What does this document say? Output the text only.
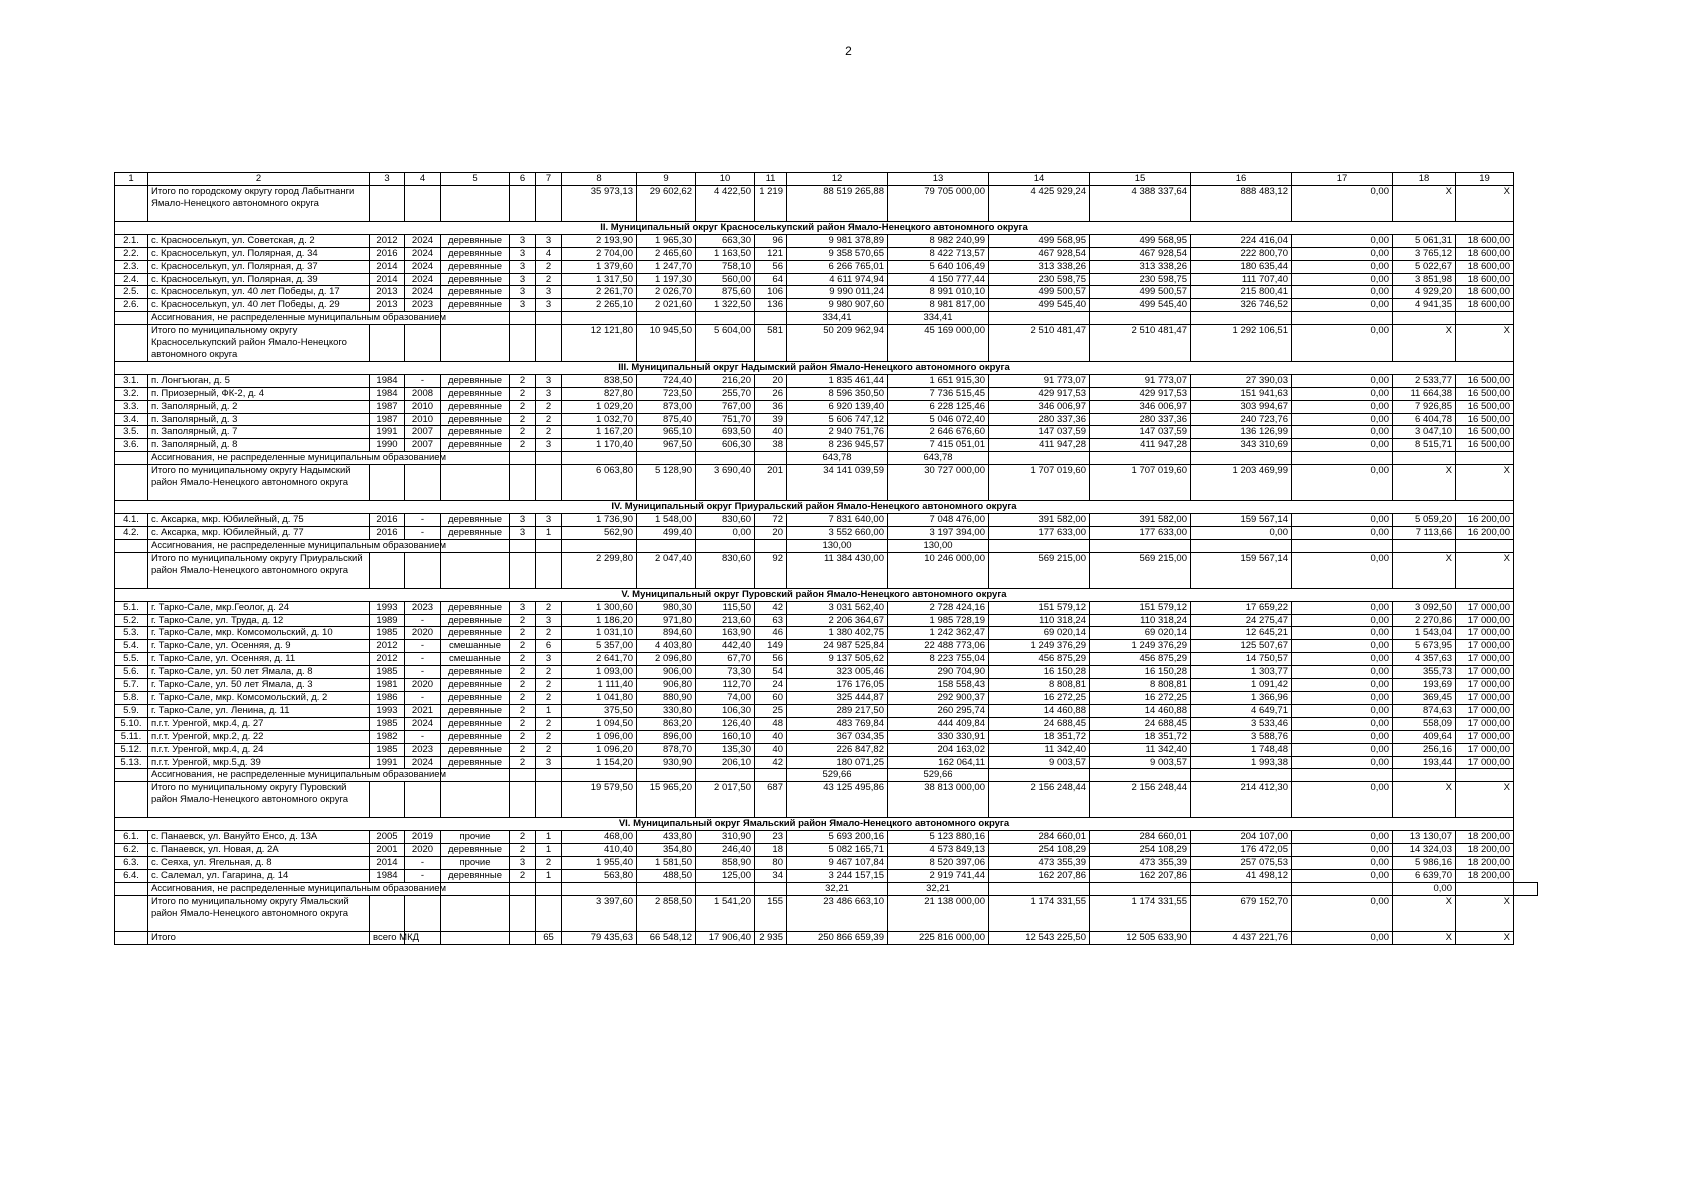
2
1	2	3	4	5	6	7	8	9	10	11	12	13	14	15	16	17	18	19	
	Итого по городскому округу город Лабытнанги Ямало-Ненецкого автономного округа						35 973,13	29 602,62	4 422,50	1 219	88 519 265,88	79 705 000,00	4 425 929,24	4 388 337,64	888 483,12	0,00	X	X	
II. Муниципальный округ Красноселькупский район Ямало-Ненецкого автономного округа																			
2.1.	с. Красноселькуп, ул. Советская, д. 2	2012	2024	деревянные	3	3	2 193,90	1 965,30	663,30	96	9 981 378,89	8 982 240,99	499 568,95	499 568,95	224 416,04	0,00	5 061,31	18 600,00	
2.2.	с. Красноселькуп, ул. Полярная, д. 34	2016	2024	деревянные	3	4	2 704,00	2 465,60	1 163,50	121	9 358 570,65	8 422 713,57	467 928,54	467 928,54	222 800,70	0,00	3 765,12	18 600,00	
2.3.	с. Красноселькуп, ул. Полярная, д. 37	2014	2024	деревянные	3	2	1 379,60	1 247,70	758,10	56	6 266 765,01	5 640 106,49	313 338,26	313 338,26	180 635,44	0,00	5 022,67	18 600,00	
2.4.	с. Красноселькуп, ул. Полярная, д. 39	2014	2024	деревянные	3	2	1 317,50	1 197,30	560,00	64	4 611 974,94	4 150 777,44	230 598,75	230 598,75	111 707,40	0,00	3 851,98	18 600,00	
2.5.	с. Красноселькуп, ул. 40 лет Победы, д. 17	2013	2024	деревянные	3	3	2 261,70	2 026,70	875,60	106	9 990 011,24	8 991 010,10	499 500,57	499 500,57	215 800,41	0,00	4 929,20	18 600,00	
2.6.	с. Красноселькуп, ул. 40 лет Победы, д. 29	2013	2023	деревянные	3	3	2 265,10	2 021,60	1 322,50	136	9 980 907,60	8 981 817,00	499 545,40	499 545,40	326 746,52	0,00	4 941,35	18 600,00	
	Ассигнования, не распределенные муниципальным образованием										334,41	334,41							
	Итого по муниципальному округу Красноселькупский район Ямало-Ненецкого автономного округа						12 121,80	10 945,50	5 604,00	581	50 209 962,94	45 169 000,00	2 510 481,47	2 510 481,47	1 292 106,51	0,00	X	X	
III. Муниципальный округ Надымский район Ямало-Ненецкого автономного округа																			
3.1.	п. Лонгъюган, д. 5	1984	-	деревянные	2	3	838,50	724,40	216,20	20	1 835 461,44	1 651 915,30	91 773,07	91 773,07	27 390,03	0,00	2 533,77	16 500,00	
3.2.	п. Приозерный, ФК-2, д. 4	1984	2008	деревянные	2	3	827,80	723,50	255,70	26	8 596 350,50	7 736 515,45	429 917,53	429 917,53	151 941,63	0,00	11 664,38	16 500,00	
3.3.	п. Заполярный, д. 2	1987	2010	деревянные	2	2	1 029,20	873,00	767,00	36	6 920 139,40	6 228 125,46	346 006,97	346 006,97	303 994,67	0,00	7 926,85	16 500,00	
3.4.	п. Заполярный, д. 3	1987	2010	деревянные	2	2	1 032,70	875,40	751,70	39	5 606 747,12	5 046 072,40	280 337,36	280 337,36	240 723,76	0,00	6 404,78	16 500,00	
3.5.	п. Заполярный, д. 7	1991	2007	деревянные	2	2	1 167,20	965,10	693,50	40	2 940 751,76	2 646 676,60	147 037,59	147 037,59	136 126,99	0,00	3 047,10	16 500,00	
3.6.	п. Заполярный, д. 8	1990	2007	деревянные	2	3	1 170,40	967,50	606,30	38	8 236 945,57	7 415 051,01	411 947,28	411 947,28	343 310,69	0,00	8 515,71	16 500,00	
	Ассигнования, не распределенные муниципальным образованием										643,78	643,78							
	Итого по муниципальному округу Надымский район Ямало-Ненецкого автономного округа						6 063,80	5 128,90	3 690,40	201	34 141 039,59	30 727 000,00	1 707 019,60	1 707 019,60	1 203 469,99	0,00	X	X	
IV. Муниципальный округ Приуральский район Ямало-Ненецкого автономного округа																			
4.1.	с. Аксарка, мкр. Юбилейный, д. 75	2016	-	деревянные	3	3	1 736,90	1 548,00	830,60	72	7 831 640,00	7 048 476,00	391 582,00	391 582,00	159 567,14	0,00	5 059,20	16 200,00	
4.2.	с. Аксарка, мкр. Юбилейный, д. 77	2016	-	деревянные	3	1	562,90	499,40	0,00	20	3 552 660,00	3 197 394,00	177 633,00	177 633,00	0,00	0,00	7 113,66	16 200,00	
	Ассигнования, не распределенные муниципальным образованием										130,00	130,00							
	Итого по муниципальному округу Приуральский район Ямало-Ненецкого автономного округа						2 299,80	2 047,40	830,60	92	11 384 430,00	10 246 000,00	569 215,00	569 215,00	159 567,14	0,00	X	X	
V. Муниципальный округ Пуровский район Ямало-Ненецкого автономного округа																			
5.1.	г. Тарко-Сале, мкр.Геолог, д. 24	1993	2023	деревянные	3	2	1 300,60	980,30	115,50	42	3 031 562,40	2 728 424,16	151 579,12	151 579,12	17 659,22	0,00	3 092,50	17 000,00	
5.2.	г. Тарко-Сале, ул. Труда, д. 12	1989	-	деревянные	2	3	1 186,20	971,80	213,60	63	2 206 364,67	1 985 728,19	110 318,24	110 318,24	24 275,47	0,00	2 270,86	17 000,00	
5.3.	г. Тарко-Сале, мкр. Комсомольский, д. 10	1985	2020	деревянные	2	2	1 031,10	894,60	163,90	46	1 380 402,75	1 242 362,47	69 020,14	69 020,14	12 645,21	0,00	1 543,04	17 000,00	
5.4.	г. Тарко-Сале, ул. Осенняя, д. 9	2012	-	смешанные	2	6	5 357,00	4 403,80	442,40	149	24 987 525,84	22 488 773,06	1 249 376,29	1 249 376,29	125 507,67	0,00	5 673,95	17 000,00	
5.5.	г. Тарко-Сале, ул. Осенняя, д. 11	2012	-	смешанные	2	3	2 641,70	2 096,80	67,70	56	9 137 505,62	8 223 755,04	456 875,29	456 875,29	14 750,57	0,00	4 357,63	17 000,00	
5.6.	г. Тарко-Сале, ул. 50 лет Ямала, д. 8	1985	-	деревянные	2	2	1 093,00	906,00	73,30	54	323 005,46	290 704,90	16 150,28	16 150,28	1 303,77	0,00	355,73	17 000,00	
5.7.	г. Тарко-Сале, ул. 50 лет Ямала, д. 3	1981	2020	деревянные	2	2	1 111,40	906,80	112,70	24	176 176,05	158 558,43	8 808,81	8 808,81	1 091,42	0,00	193,69	17 000,00	
5.8.	г. Тарко-Сале, мкр. Комсомольский, д. 2	1986	-	деревянные	2	2	1 041,80	880,90	74,00	60	325 444,87	292 900,37	16 272,25	16 272,25	1 366,96	0,00	369,45	17 000,00	
5.9.	г. Тарко-Сале, ул. Ленина, д. 11	1993	2021	деревянные	2	1	375,50	330,80	106,30	25	289 217,50	260 295,74	14 460,88	14 460,88	4 649,71	0,00	874,63	17 000,00	
5.10.	п.г.т. Уренгой, мкр.4, д. 27	1985	2024	деревянные	2	2	1 094,50	863,20	126,40	48	483 769,84	444 409,84	24 688,45	24 688,45	3 533,46	0,00	558,09	17 000,00	
5.11.	п.г.т. Уренгой, мкр.2, д. 22	1982	-	деревянные	2	2	1 096,00	896,00	160,10	40	367 034,35	330 330,91	18 351,72	18 351,72	3 588,76	0,00	409,64	17 000,00	
5.12.	п.г.т. Уренгой, мкр.4, д. 24	1985	2023	деревянные	2	2	1 096,20	878,70	135,30	40	226 847,82	204 163,02	11 342,40	11 342,40	1 748,48	0,00	256,16	17 000,00	
5.13.	п.г.т. Уренгой, мкр.5,д. 39	1991	2024	деревянные	2	3	1 154,20	930,90	206,10	42	180 071,25	162 064,11	9 003,57	9 003,57	1 993,38	0,00	193,44	17 000,00	
	Ассигнования, не распределенные муниципальным образованием										529,66	529,66							
	Итого по муниципальному округу Пуровский район Ямало-Ненецкого автономного округа						19 579,50	15 965,20	2 017,50	687	43 125 495,86	38 813 000,00	2 156 248,44	2 156 248,44	214 412,30	0,00	X	X	
VI. Муниципальный округ Ямальский район Ямало-Ненецкого автономного округа																			
6.1.	с. Панаевск, ул. Вануйто Енсо, д. 13А	2005	2019	прочие	2	1	468,00	433,80	310,90	23	5 693 200,16	5 123 880,16	284 660,01	284 660,01	204 107,00	0,00	13 130,07	18 200,00	
6.2.	с. Панаевск, ул. Новая, д. 2А	2001	2020	деревянные	2	1	410,40	354,80	246,40	18	5 082 165,71	4 573 849,13	254 108,29	254 108,29	176 472,05	0,00	14 324,03	18 200,00	
6.3.	с. Сеяха, ул. Ягельная, д. 8	2014	-	прочие	3	2	1 955,40	1 581,50	858,90	80	9 467 107,84	8 520 397,06	473 355,39	473 355,39	257 075,53	0,00	5 986,16	18 200,00	
6.4.	с. Салемал, ул. Гагарина, д. 14	1984	-	деревянные	2	1	563,80	488,50	125,00	34	3 244 157,15	2 919 741,44	162 207,86	162 207,86	41 498,12	0,00	6 639,70	18 200,00	
	Ассигнования, не распределенные муниципальным образованием										32,21	32,21					0,00		
	Итого по муниципальному округу Ямальский район Ямало-Ненецкого автономного округа						3 397,60	2 858,50	1 541,20	155	23 486 663,10	21 138 000,00	1 174 331,55	1 174 331,55	679 152,70	0,00	X	X	
	Итого	всего МКД				65	79 435,63	66 548,12	17 906,40	2 935	250 866 659,39	225 816 000,00	12 543 225,50	12 505 633,90	4 437 221,76	0,00	X	X	
